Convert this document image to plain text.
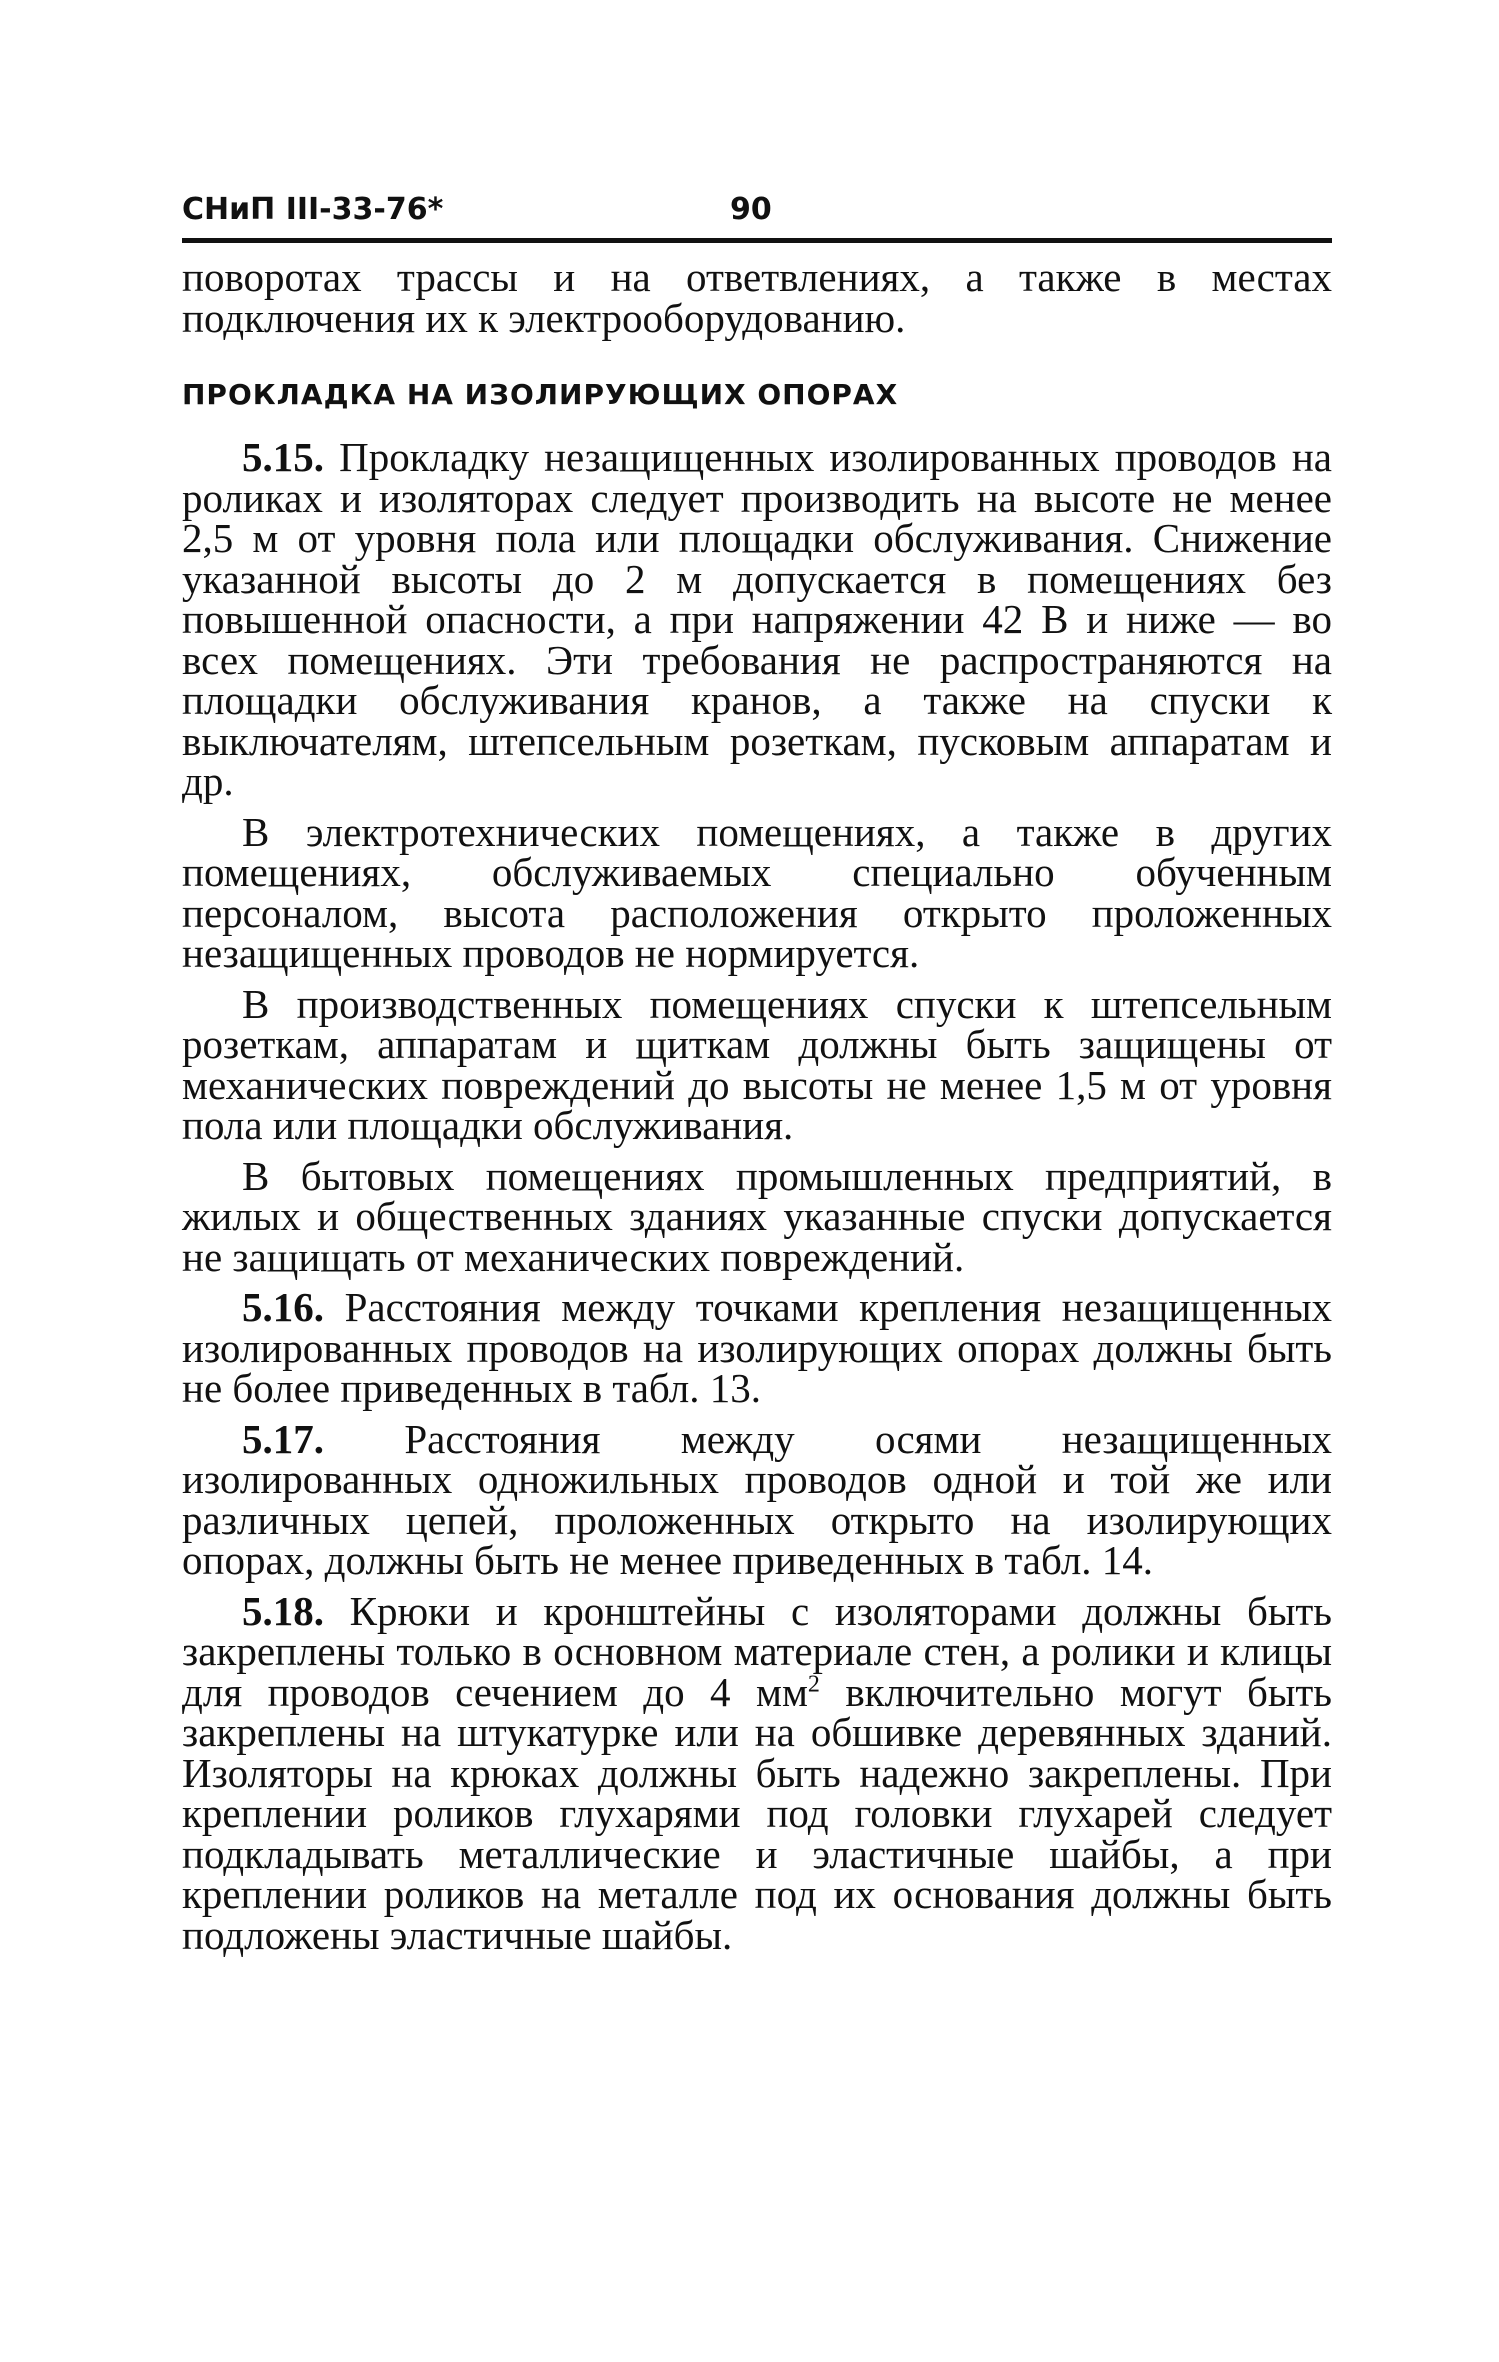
СНиП III-33-76*	90

поворотах трассы и на ответвлениях, а также в местах подключения их к электрооборудованию.

ПРОКЛАДКА НА ИЗОЛИРУЮЩИХ ОПОРАХ

5.15. Прокладку незащищенных изолированных проводов на роликах и изоляторах следует производить на высоте не менее 2,5 м от уровня пола или площадки обслуживания. Снижение указанной высоты до 2 м допускается в помещениях без повышенной опасности, а при напряжении 42 В и ниже — во всех помещениях. Эти требования не распространяются на площадки обслуживания кранов, а также на спуски к выключателям, штепсельным розеткам, пусковым аппаратам и др.

В электротехнических помещениях, а также в других помещениях, обслуживаемых специально обученным персоналом, высота расположения открыто проложенных незащищенных проводов не нормируется.

В производственных помещениях спуски к штепсельным розеткам, аппаратам и щиткам должны быть защищены от механических повреждений до высоты не менее 1,5 м от уровня пола или площадки обслуживания.

В бытовых помещениях промышленных предприятий, в жилых и общественных зданиях указанные спуски допускается не защищать от механических повреждений.

5.16. Расстояния между точками крепления незащищенных изолированных проводов на изолирующих опорах должны быть не более приведенных в табл. 13.

5.17. Расстояния между осями незащищенных изолированных одножильных проводов одной и той же или различных цепей, проложенных открыто на изолирующих опорах, должны быть не менее приведенных в табл. 14.

5.18. Крюки и кронштейны с изоляторами должны быть закреплены только в основном материале стен, а ролики и клицы для проводов сечением до 4 $мм^2$ включительно могут быть закреплены на штукатурке или на обшивке деревянных зданий. Изоляторы на крюках должны быть надежно закреплены. При креплении роликов глухарями под головки глухарей следует подкладывать металлические и эластичные шайбы, а при креплении роликов на металле под их основания должны быть подложены эластичные шайбы.
